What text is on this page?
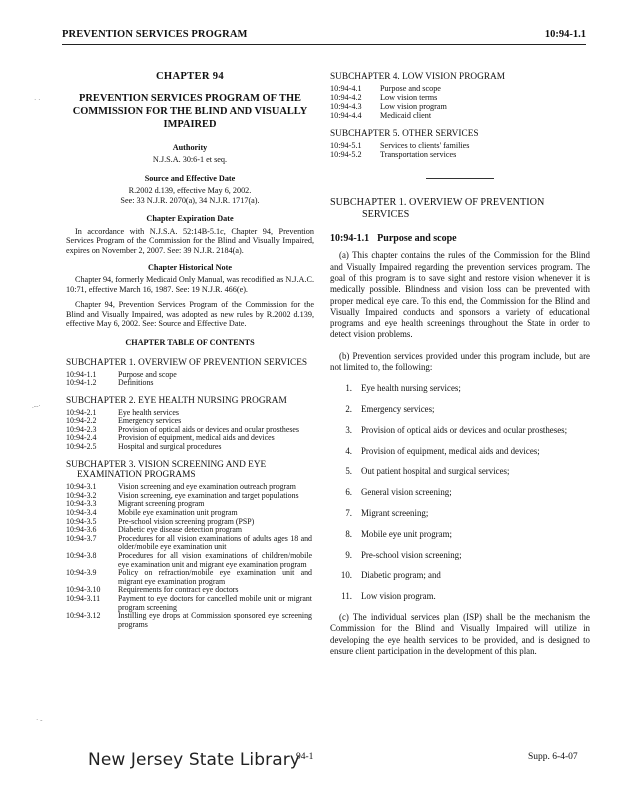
PREVENTION SERVICES PROGRAM	10:94-1.1
CHAPTER 94
PREVENTION SERVICES PROGRAM OF THE COMMISSION FOR THE BLIND AND VISUALLY IMPAIRED
Authority
N.J.S.A. 30:6-1 et seq.
Source and Effective Date
R.2002 d.139, effective May 6, 2002.
See: 33 N.J.R. 2070(a), 34 N.J.R. 1717(a).
Chapter Expiration Date
In accordance with N.J.S.A. 52:14B-5.1c, Chapter 94, Prevention Services Program of the Commission for the Blind and Visually Impaired, expires on November 2, 2007. See: 39 N.J.R. 2184(a).
Chapter Historical Note
Chapter 94, formerly Medicaid Only Manual, was recodified as N.J.A.C. 10:71, effective March 16, 1987. See: 19 N.J.R. 466(e).
Chapter 94, Prevention Services Program of the Commission for the Blind and Visually Impaired, was adopted as new rules by R.2002 d.139, effective May 6, 2002. See: Source and Effective Date.
CHAPTER TABLE OF CONTENTS
SUBCHAPTER 1. OVERVIEW OF PREVENTION SERVICES
10:94-1.1	Purpose and scope
10:94-1.2	Definitions
SUBCHAPTER 2. EYE HEALTH NURSING PROGRAM
10:94-2.1	Eye health services
10:94-2.2	Emergency services
10:94-2.3	Provision of optical aids or devices and ocular prostheses
10:94-2.4	Provision of equipment, medical aids and devices
10:94-2.5	Hospital and surgical procedures
SUBCHAPTER 3. VISION SCREENING AND EYE EXAMINATION PROGRAMS
10:94-3.1	Vision screening and eye examination outreach program
10:94-3.2	Vision screening, eye examination and target populations
10:94-3.3	Migrant screening program
10:94-3.4	Mobile eye examination unit program
10:94-3.5	Pre-school vision screening program (PSP)
10:94-3.6	Diabetic eye disease detection program
10:94-3.7	Procedures for all vision examinations of adults ages 18 and older/mobile eye examination unit
10:94-3.8	Procedures for all vision examinations of children/mobile eye examination unit and migrant eye examination program
10:94-3.9	Policy on refraction/mobile eye examination unit and migrant eye examination program
10:94-3.10	Requirements for contract eye doctors
10:94-3.11	Payment to eye doctors for cancelled mobile unit or migrant program screening
10:94-3.12	Instilling eye drops at Commission sponsored eye screening programs
SUBCHAPTER 4. LOW VISION PROGRAM
10:94-4.1	Purpose and scope
10:94-4.2	Low vision terms
10:94-4.3	Low vision program
10:94-4.4	Medicaid client
SUBCHAPTER 5. OTHER SERVICES
10:94-5.1	Services to clients' families
10:94-5.2	Transportation services
SUBCHAPTER 1. OVERVIEW OF PREVENTION
SERVICES
10:94-1.1 Purpose and scope
(a) This chapter contains the rules of the Commission for the Blind and Visually Impaired regarding the prevention services program. The goal of this program is to save sight and restore vision whenever it is medically possible. Blindness and vision loss can be prevented with proper medical eye care. To this end, the Commission for the Blind and Visually Impaired conducts and sponsors a variety of educational programs and eye health screenings throughout the State in order to detect vision problems.
(b) Prevention services provided under this program include, but are not limited to, the following:
1. Eye health nursing services;
2. Emergency services;
3. Provision of optical aids or devices and ocular prostheses;
4. Provision of equipment, medical aids and devices;
5. Out patient hospital and surgical services;
6. General vision screening;
7. Migrant screening;
8. Mobile eye unit program;
9. Pre-school vision screening;
10. Diabetic program; and
11. Low vision program.
(c) The individual services plan (ISP) shall be the mechanism the Commission for the Blind and Visually Impaired will utilize in developing the eye health services to be provided, and is designed to ensure client participation in the development of this plan.
· ·
.--·
· -
New Jersey State Library
94-1	Supp. 6-4-07
